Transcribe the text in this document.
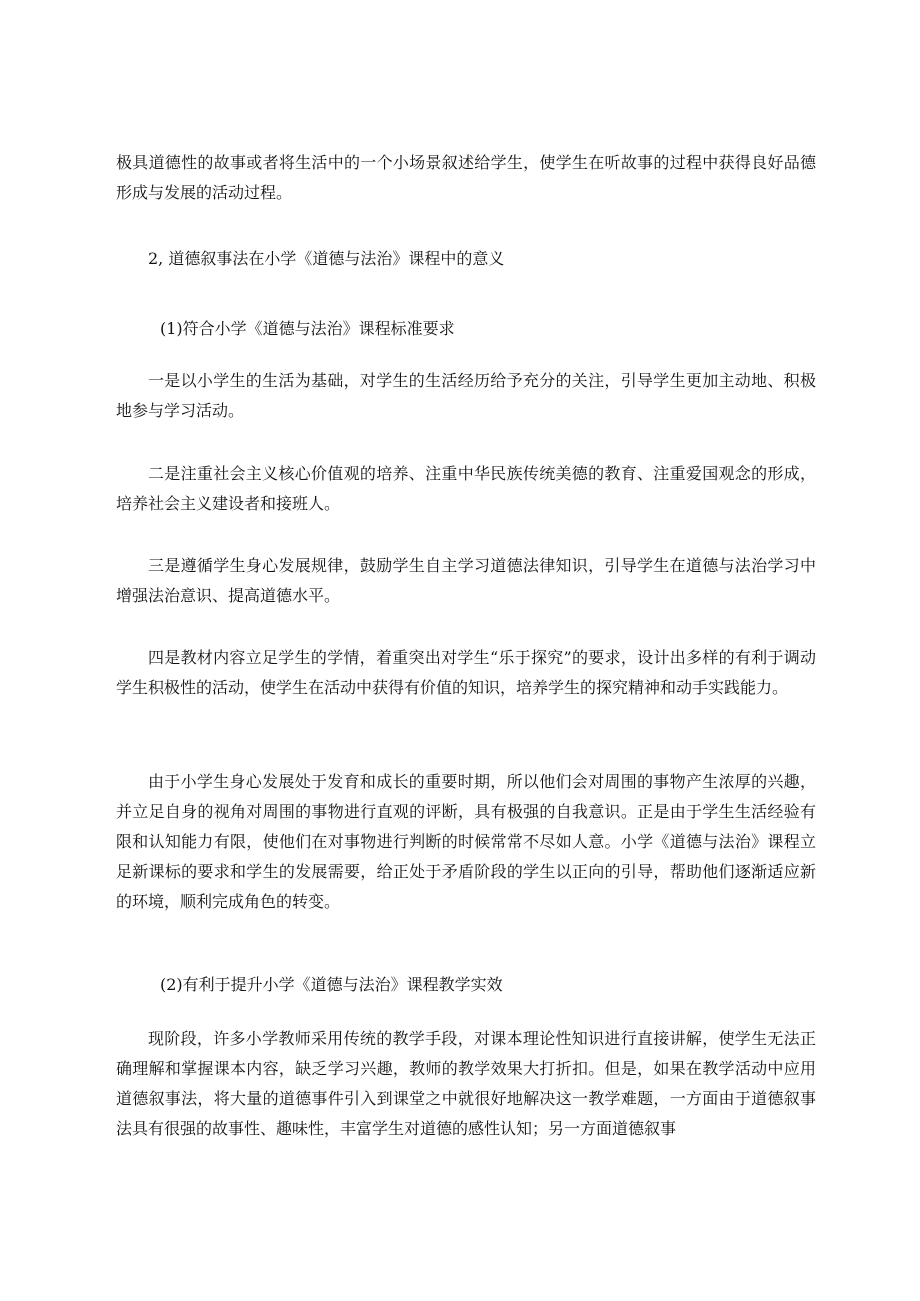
极具道德性的故事或者将生活中的一个小场景叙述给学生，使学生在听故事的过程中获得良好品德形成与发展的活动过程。

2, 道德叙事法在小学《道德与法治》课程中的意义

(1)符合小学《道德与法治》课程标准要求

一是以小学生的生活为基础，对学生的生活经历给予充分的关注，引导学生更加主动地、积极地参与学习活动。

二是注重社会主义核心价值观的培养、注重中华民族传统美德的教育、注重爱国观念的形成，培养社会主义建设者和接班人。

三是遵循学生身心发展规律，鼓励学生自主学习道德法律知识，引导学生在道德与法治学习中增强法治意识、提高道德水平。

四是教材内容立足学生的学情，着重突出对学生“乐于探究”的要求，设计出多样的有利于调动学生积极性的活动，使学生在活动中获得有价值的知识，培养学生的探究精神和动手实践能力。

由于小学生身心发展处于发育和成长的重要时期，所以他们会对周围的事物产生浓厚的兴趣，并立足自身的视角对周围的事物进行直观的评断，具有极强的自我意识。正是由于学生生活经验有限和认知能力有限，使他们在对事物进行判断的时候常常不尽如人意。小学《道德与法治》课程立足新课标的要求和学生的发展需要，给正处于矛盾阶段的学生以正向的引导，帮助他们逐渐适应新的环境，顺利完成角色的转变。

(2)有利于提升小学《道德与法治》课程教学实效

现阶段，许多小学教师采用传统的教学手段，对课本理论性知识进行直接讲解，使学生无法正确理解和掌握课本内容，缺乏学习兴趣，教师的教学效果大打折扣。但是，如果在教学活动中应用道德叙事法，将大量的道德事件引入到课堂之中就很好地解决这一教学难题，一方面由于道德叙事法具有很强的故事性、趣味性，丰富学生对道德的感性认知；另一方面道德叙事
